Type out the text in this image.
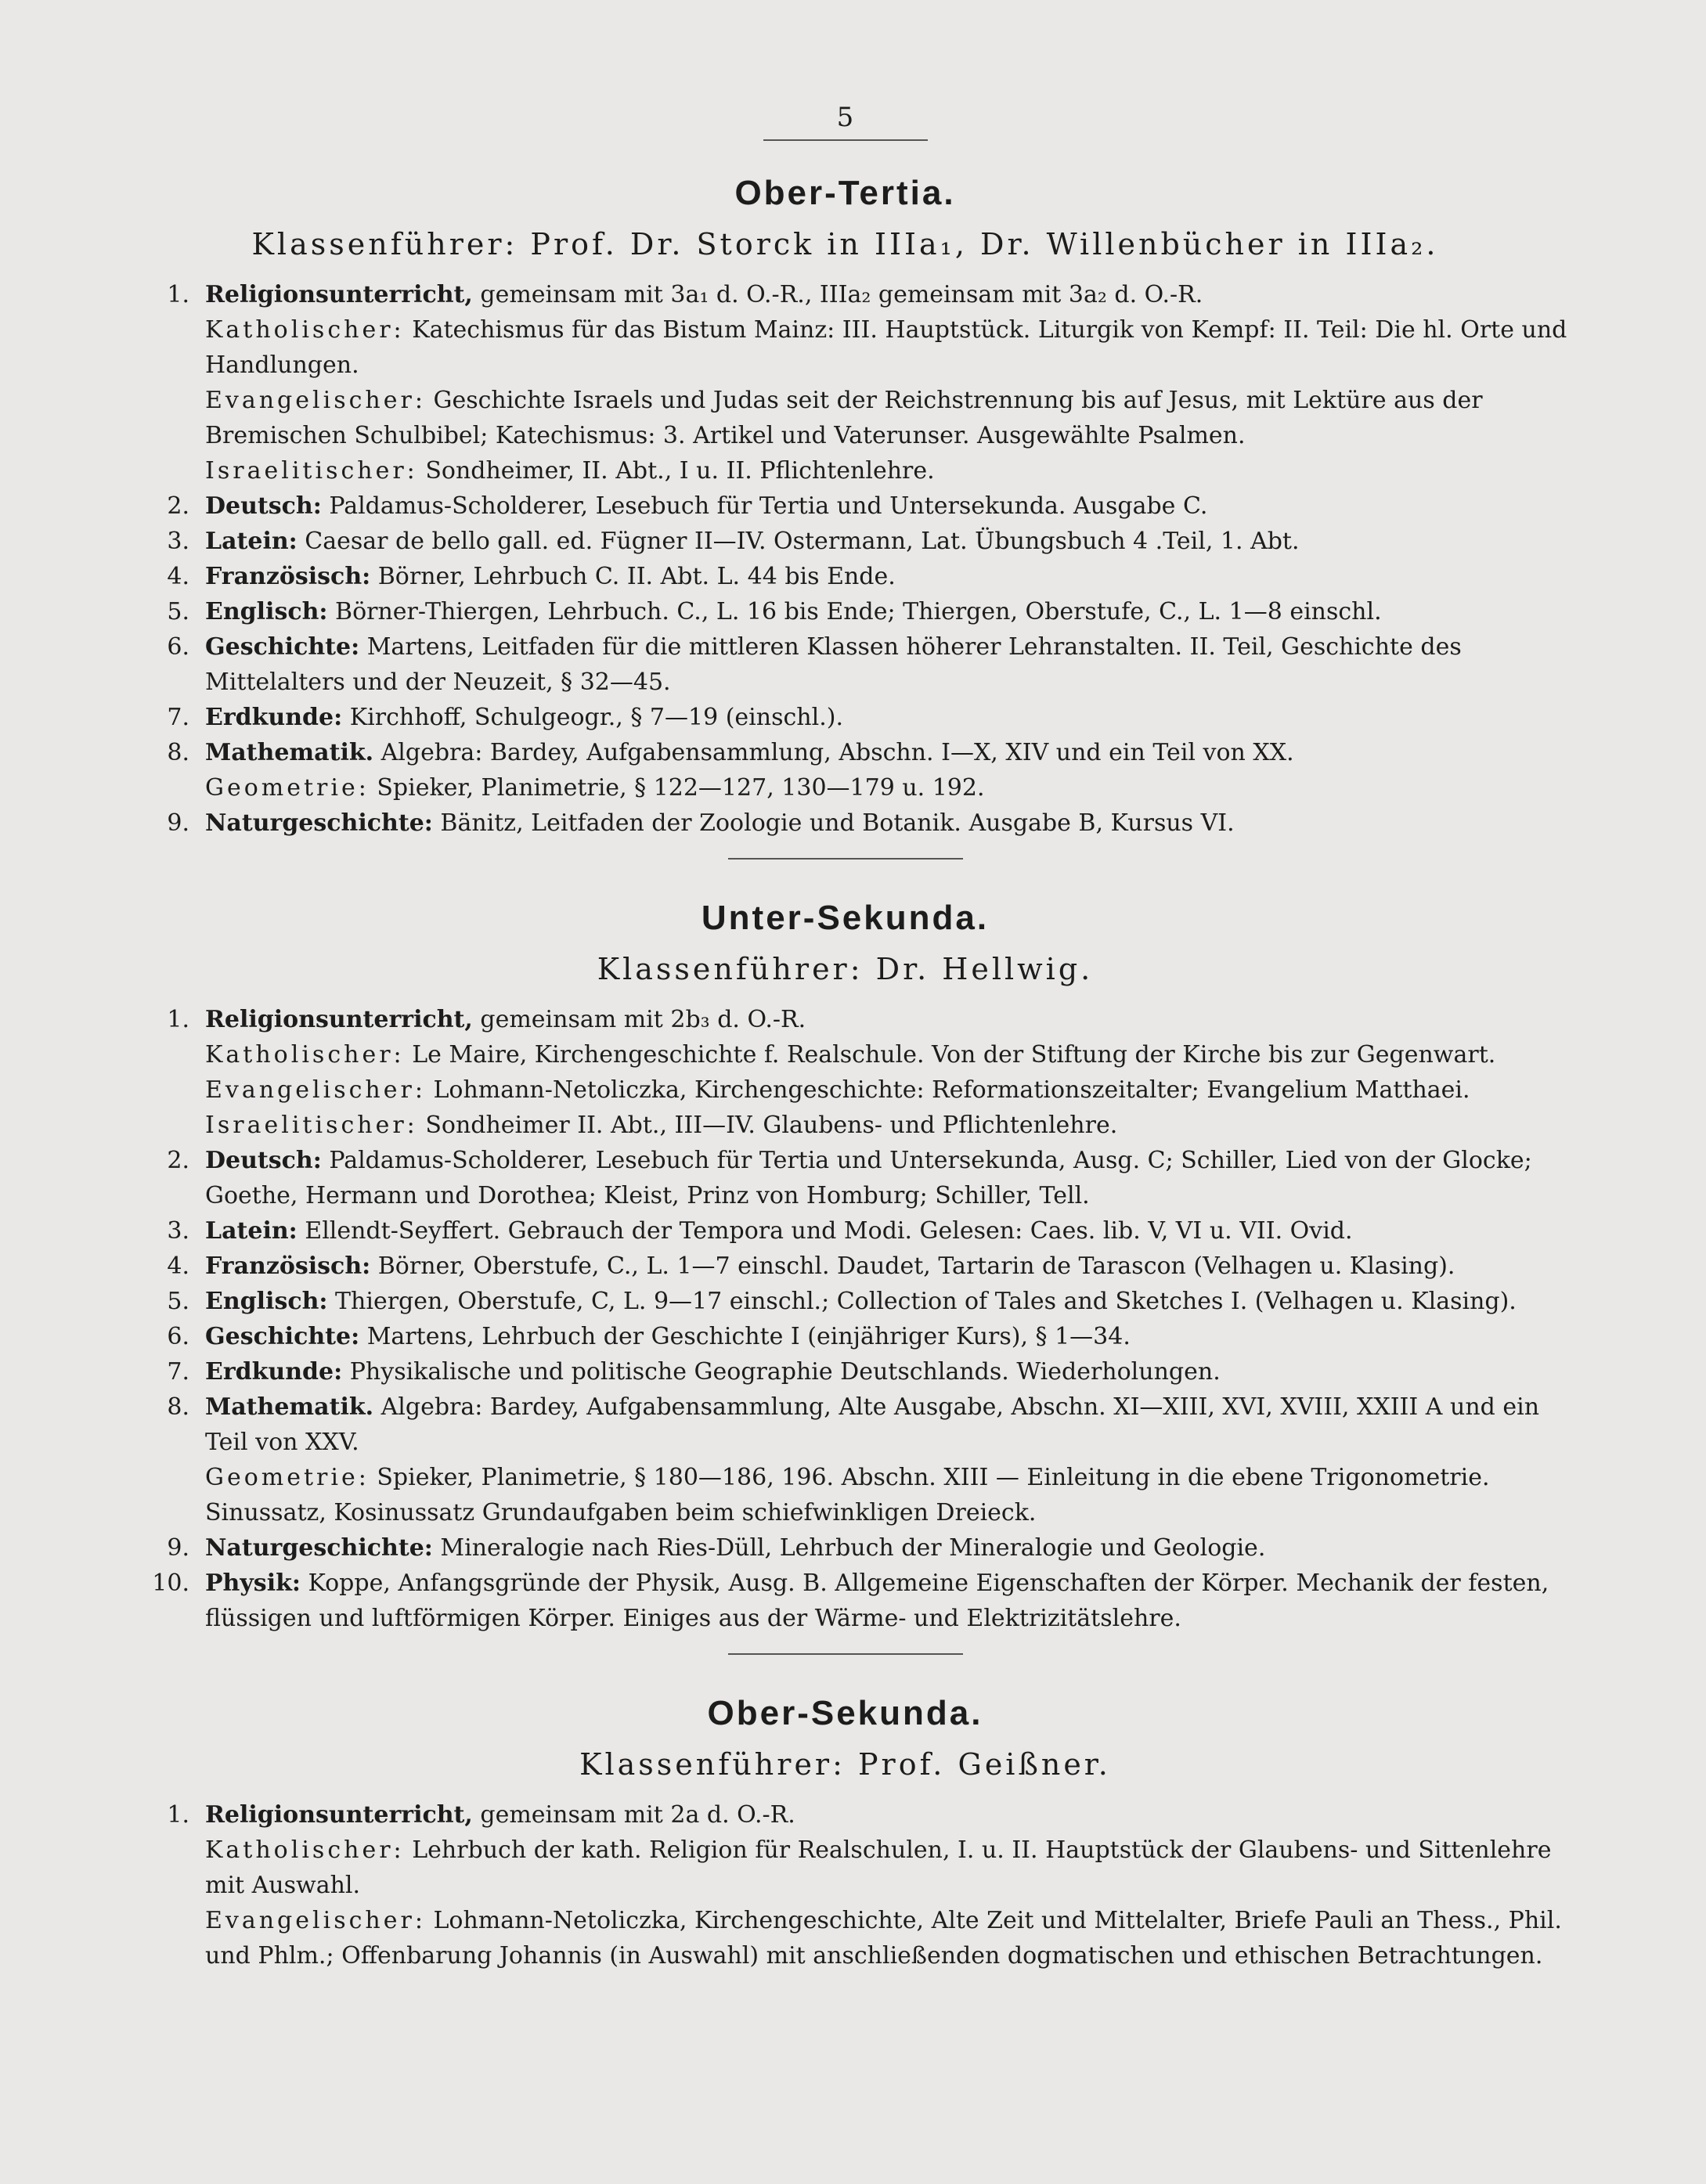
5
Ober-Tertia.
Klassenführer: Prof. Dr. Storck in IIIa₁, Dr. Willenbücher in IIIa₂.
1. Religionsunterricht, gemeinsam mit 3a₁ d. O.-R., IIIa₂ gemeinsam mit 3a₂ d. O.-R.
Katholischer: Katechismus für das Bistum Mainz: III. Hauptstück. Liturgik von Kempf: II. Teil: Die hl. Orte und Handlungen.
Evangelischer: Geschichte Israels und Judas seit der Reichstrennung bis auf Jesus, mit Lektüre aus der Bremischen Schulbibel; Katechismus: 3. Artikel und Vaterunser. Ausgewählte Psalmen.
Israelitischer: Sondheimer, II. Abt., I u. II. Pflichtenlehre.
2. Deutsch: Paldamus-Scholderer, Lesebuch für Tertia und Untersekunda. Ausgabe C.
3. Latein: Caesar de bello gall. ed. Fügner II—IV. Ostermann, Lat. Übungsbuch 4 .Teil, 1. Abt.
4. Französisch: Börner, Lehrbuch C. II. Abt. L. 44 bis Ende.
5. Englisch: Börner-Thiergen, Lehrbuch. C., L. 16 bis Ende; Thiergen, Oberstufe, C., L. 1—8 einschl.
6. Geschichte: Martens, Leitfaden für die mittleren Klassen höherer Lehranstalten. II. Teil, Geschichte des Mittelalters und der Neuzeit, § 32—45.
7. Erdkunde: Kirchhoff, Schulgeogr., § 7—19 (einschl.).
8. Mathematik. Algebra: Bardey, Aufgabensammlung, Abschn. I—X, XIV und ein Teil von XX.
Geometrie: Spieker, Planimetrie, § 122—127, 130—179 u. 192.
9. Naturgeschichte: Bänitz, Leitfaden der Zoologie und Botanik. Ausgabe B, Kursus VI.
Unter-Sekunda.
Klassenführer: Dr. Hellwig.
1. Religionsunterricht, gemeinsam mit 2b₃ d. O.-R.
Katholischer: Le Maire, Kirchengeschichte f. Realschule. Von der Stiftung der Kirche bis zur Gegenwart.
Evangelischer: Lohmann-Netoliczka, Kirchengeschichte: Reformationszeitalter; Evangelium Matthaei.
Israelitischer: Sondheimer II. Abt., III—IV. Glaubens- und Pflichtenlehre.
2. Deutsch: Paldamus-Scholderer, Lesebuch für Tertia und Untersekunda, Ausg. C; Schiller, Lied von der Glocke; Goethe, Hermann und Dorothea; Kleist, Prinz von Homburg; Schiller, Tell.
3. Latein: Ellendt-Seyffert. Gebrauch der Tempora und Modi. Gelesen: Caes. lib. V, VI u. VII. Ovid.
4. Französisch: Börner, Oberstufe, C., L. 1—7 einschl. Daudet, Tartarin de Tarascon (Velhagen u. Klasing).
5. Englisch: Thiergen, Oberstufe, C, L. 9—17 einschl.; Collection of Tales and Sketches I. (Velhagen u. Klasing).
6. Geschichte: Martens, Lehrbuch der Geschichte I (einjähriger Kurs), § 1—34.
7. Erdkunde: Physikalische und politische Geographie Deutschlands. Wiederholungen.
8. Mathematik. Algebra: Bardey, Aufgabensammlung, Alte Ausgabe, Abschn. XI—XIII, XVI, XVIII, XXIII A und ein Teil von XXV.
Geometrie: Spieker, Planimetrie, § 180—186, 196. Abschn. XIII — Einleitung in die ebene Trigonometrie. Sinussatz, Kosinussatz Grundaufgaben beim schiefwinkligen Dreieck.
9. Naturgeschichte: Mineralogie nach Ries-Düll, Lehrbuch der Mineralogie und Geologie.
10. Physik: Koppe, Anfangsgründe der Physik, Ausg. B. Allgemeine Eigenschaften der Körper. Mechanik der festen, flüssigen und luftförmigen Körper. Einiges aus der Wärme- und Elektrizitätslehre.
Ober-Sekunda.
Klassenführer: Prof. Geißner.
1. Religionsunterricht, gemeinsam mit 2a d. O.-R.
Katholischer: Lehrbuch der kath. Religion für Realschulen, I. u. II. Hauptstück der Glaubens- und Sittenlehre mit Auswahl.
Evangelischer: Lohmann-Netoliczka, Kirchengeschichte, Alte Zeit und Mittelalter, Briefe Pauli an Thess., Phil. und Phlm.; Offenbarung Johannis (in Auswahl) mit anschließenden dogmatischen und ethischen Betrachtungen.
